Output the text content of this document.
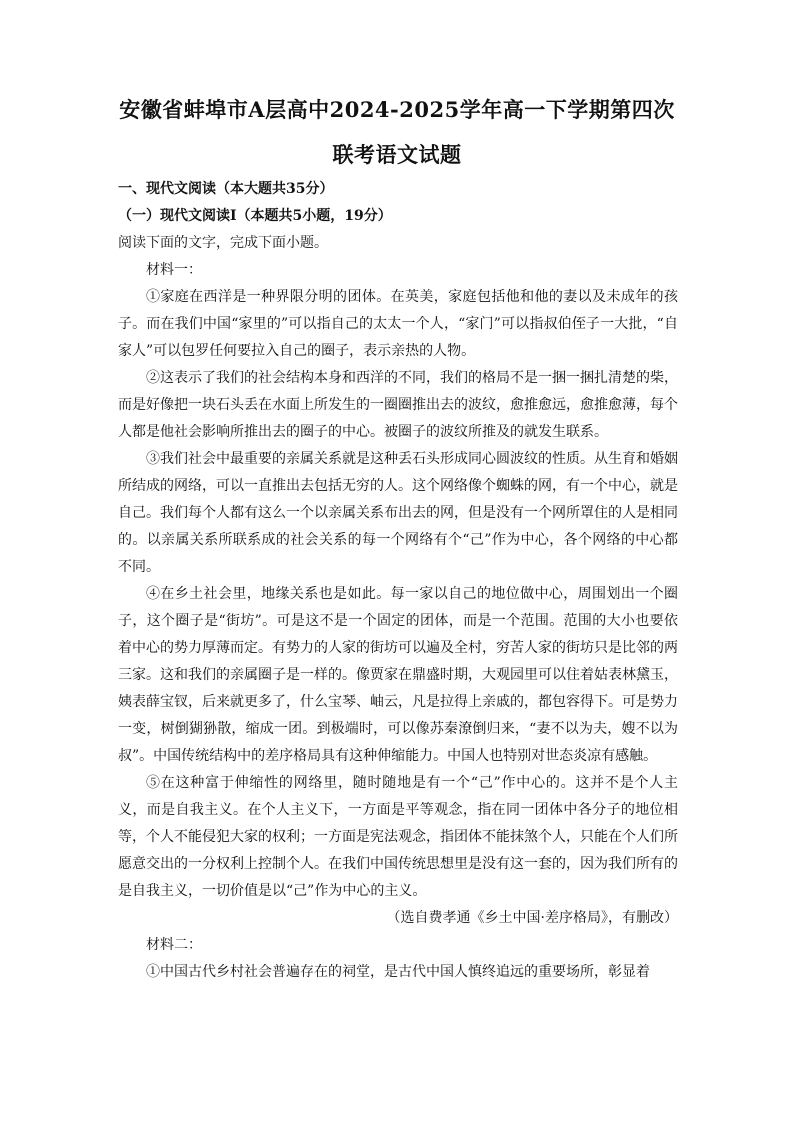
安徽省蚌埠市A层高中2024-2025学年高一下学期第四次
联考语文试题

一、现代文阅读（本大题共35分）

（一）现代文阅读Ⅰ（本题共5小题，19分）

阅读下面的文字，完成下面小题。

材料一：

①家庭在西洋是一种界限分明的团体。在英美，家庭包括他和他的妻以及未成年的孩子。而在我们中国“家里的”可以指自己的太太一个人，“家门”可以指叔伯侄子一大批，“自家人”可以包罗任何要拉入自己的圈子，表示亲热的人物。

②这表示了我们的社会结构本身和西洋的不同，我们的格局不是一捆一捆扎清楚的柴，而是好像把一块石头丢在水面上所发生的一圈圈推出去的波纹，愈推愈远，愈推愈薄，每个人都是他社会影响所推出去的圈子的中心。被圈子的波纹所推及的就发生联系。

③我们社会中最重要的亲属关系就是这种丢石头形成同心圆波纹的性质。从生育和婚姻所结成的网络，可以一直推出去包括无穷的人。这个网络像个蜘蛛的网，有一个中心，就是自己。我们每个人都有这么一个以亲属关系布出去的网，但是没有一个网所罩住的人是相同的。以亲属关系所联系成的社会关系的每一个网络有个“己”作为中心，各个网络的中心都不同。

④在乡土社会里，地缘关系也是如此。每一家以自己的地位做中心，周围划出一个圈子，这个圈子是“街坊”。可是这不是一个固定的团体，而是一个范围。范围的大小也要依着中心的势力厚薄而定。有势力的人家的街坊可以遍及全村，穷苦人家的街坊只是比邻的两三家。这和我们的亲属圈子是一样的。像贾家在鼎盛时期，大观园里可以住着姑表林黛玉，姨表薛宝钗，后来就更多了，什么宝琴、岫云，凡是拉得上亲戚的，都包容得下。可是势力一变，树倒猢狲散，缩成一团。到极端时，可以像苏秦潦倒归来，“妻不以为夫，嫂不以为叔”。中国传统结构中的差序格局具有这种伸缩能力。中国人也特别对世态炎凉有感触。

⑤在这种富于伸缩性的网络里，随时随地是有一个“己”作中心的。这并不是个人主义，而是自我主义。在个人主义下，一方面是平等观念，指在同一团体中各分子的地位相等，个人不能侵犯大家的权利；一方面是宪法观念，指团体不能抹煞个人，只能在个人们所愿意交出的一分权利上控制个人。在我们中国传统思想里是没有这一套的，因为我们所有的是自我主义，一切价值是以“己”作为中心的主义。

（选自费孝通《乡土中国·差序格局》，有删改）

材料二：

①中国古代乡村社会普遍存在的祠堂，是古代中国人慎终追远的重要场所，彰显着
